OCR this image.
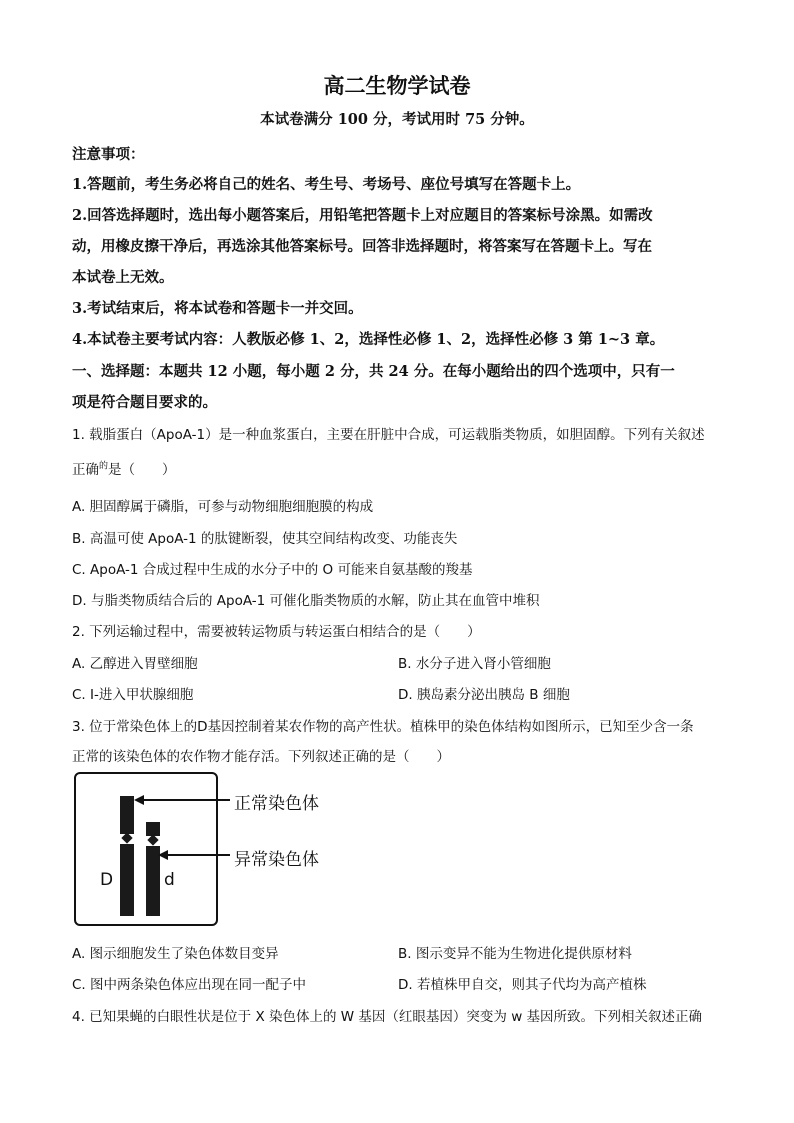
高二生物学试卷
本试卷满分 100 分，考试用时 75 分钟。
注意事项：
1.答题前，考生务必将自己的姓名、考生号、考场号、座位号填写在答题卡上。
2.回答选择题时，选出每小题答案后，用铅笔把答题卡上对应题目的答案标号涂黑。如需改
动，用橡皮擦干净后，再选涂其他答案标号。回答非选择题时，将答案写在答题卡上。写在
本试卷上无效。
3.考试结束后，将本试卷和答题卡一并交回。
4.本试卷主要考试内容：人教版必修 1、2，选择性必修 1、2，选择性必修 3 第 1~3 章。
一、选择题：本题共 12 小题，每小题 2 分，共 24 分。在每小题给出的四个选项中，只有一
项是符合题目要求的。
1. 载脂蛋白（ApoA-1）是一种血浆蛋白，主要在肝脏中合成，可运载脂类物质，如胆固醇。下列有关叙述
正确$^的$是（　　）
A. 胆固醇属于磷脂，可参与动物细胞细胞膜的构成
B. 高温可使 ApoA-1 的肽键断裂，使其空间结构改变、功能丧失
C. ApoA-1 合成过程中生成的水分子中的 O 可能来自氨基酸的羧基
D. 与脂类物质结合后的 ApoA-1 可催化脂类物质的水解，防止其在血管中堆积
2. 下列运输过程中，需要被转运物质与转运蛋白相结合的是（　　）
A. 乙醇进入胃壁细胞	B. 水分子进入肾小管细胞
C. I-进入甲状腺细胞	D. 胰岛素分泌出胰岛 B 细胞
3. 位于常染色体上的D基因控制着某农作物的高产性状。植株甲的染色体结构如图所示，已知至少含一条
正常的该染色体的农作物才能存活。下列叙述正确的是（　　）
D	d
正常染色体
异常染色体
A. 图示细胞发生了染色体数目变异	B. 图示变异不能为生物进化提供原材料
C. 图中两条染色体应出现在同一配子中	D. 若植株甲自交，则其子代均为高产植株
4. 已知果蝇的白眼性状是位于 X 染色体上的 W 基因（红眼基因）突变为 w 基因所致。下列相关叙述正确
